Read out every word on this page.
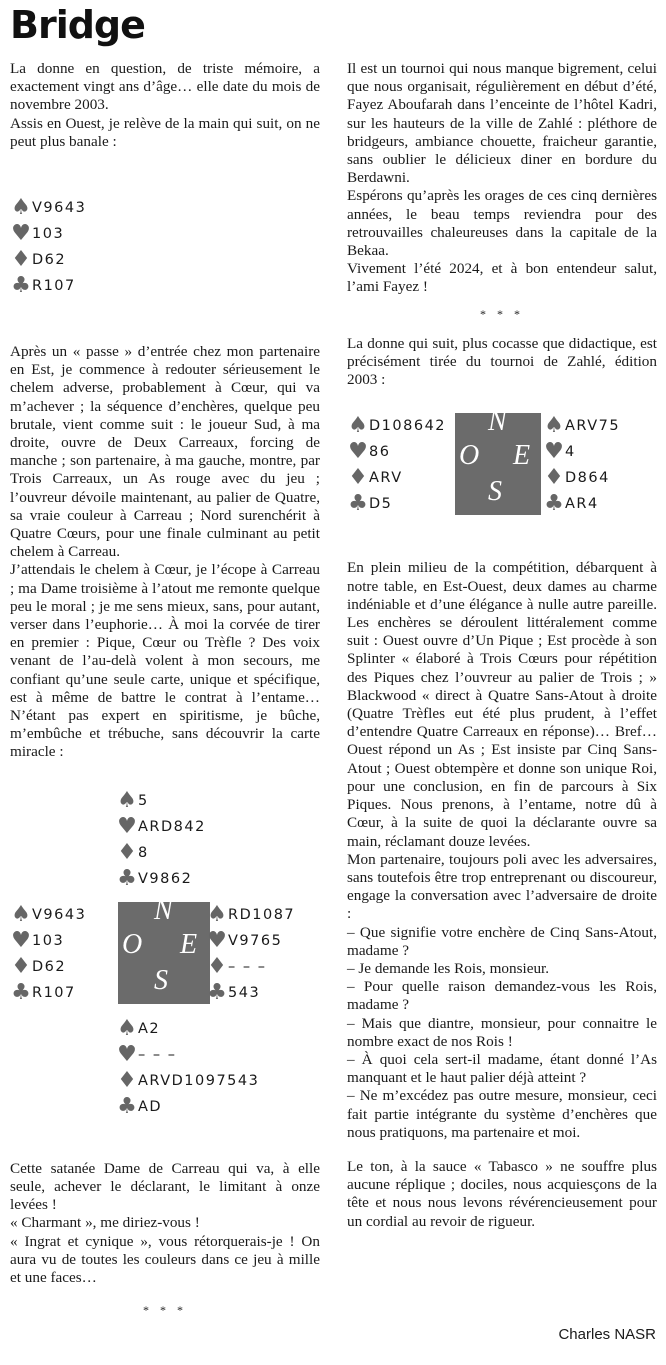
Bridge

La donne en question, de triste mémoire, a exactement vingt ans d’âge… elle date du mois de novembre 2003.

Assis en Ouest, je relève de la main qui suit, on ne peut plus banale :

♠ V9643
♥ 103
♦ D62
♣ R107

Après un « passe » d’entrée chez mon partenaire en Est, je commence à redouter sérieusement le chelem adverse, probablement à Cœur, qui va m’achever ; la séquence d’enchères, quelque peu brutale, vient comme suit : le joueur Sud, à ma droite, ouvre de Deux Carreaux, forcing de manche ; son partenaire, à ma gauche, montre, par Trois Carreaux, un As rouge avec du jeu ; l’ouvreur dévoile maintenant, au palier de Quatre, sa vraie couleur à Carreau ; Nord surenchérit à Quatre Cœurs, pour une finale culminant au petit chelem à Carreau.

J’attendais le chelem à Cœur, je l’écope à Carreau ; ma Dame troisième à l’atout me remonte quelque peu le moral ; je me sens mieux, sans, pour autant, verser dans l’euphorie… À moi la corvée de tirer en premier : Pique, Cœur ou Trèfle ? Des voix venant de l’au-delà volent à mon secours, me confiant qu’une seule carte, unique et spécifique, est à même de battre le contrat à l’entame… N’étant pas expert en spiritisme, je bûche, m’embûche et trébuche, sans découvrir la carte miracle :

♠ 5
♥ ARD842
♦ 8
♣ V9862
♠ V9643
♥ 103
♦ D62
♣ R107
N
O E
S
♠ RD1087
♥ V9765
♦ – – –
♣ 543
♠ A2
♥ – – –
♦ ARVD1097543
♣ AD

Cette satanée Dame de Carreau qui va, à elle seule, achever le déclarant, le limitant à onze levées !

« Charmant », me diriez-vous !

« Ingrat et cynique », vous rétorquerais-je ! On aura vu de toutes les couleurs dans ce jeu à mille et une faces…

* * *

Il est un tournoi qui nous manque bigrement, celui que nous organisait, régulièrement en début d’été, Fayez Aboufarah dans l’enceinte de l’hôtel Kadri, sur les hauteurs de la ville de Zahlé : pléthore de bridgeurs, ambiance chouette, fraicheur garantie, sans oublier le délicieux diner en bordure du Berdawni.

Espérons qu’après les orages de ces cinq dernières années, le beau temps reviendra pour des retrouvailles chaleureuses dans la capitale de la Bekaa.

Vivement l’été 2024, et à bon entendeur salut, l’ami Fayez !

* * *

La donne qui suit, plus cocasse que didactique, est précisément tirée du tournoi de Zahlé, édition 2003 :

♠ D108642
♥ 86
♦ ARV
♣ D5
N
O E
S
♠ ARV75
♥ 4
♦ D864
♣ AR4

En plein milieu de la compétition, débarquent à notre table, en Est-Ouest, deux dames au charme indéniable et d’une élégance à nulle autre pareille. Les enchères se déroulent littéralement comme suit : Ouest ouvre d’Un Pique ; Est procède à son Splinter « élaboré à Trois Cœurs pour répétition des Piques chez l’ouvreur au palier de Trois ; » Blackwood « direct à Quatre Sans-Atout à droite (Quatre Trèfles eut été plus prudent, à l’effet d’entendre Quatre Carreaux en réponse)… Bref… Ouest répond un As ; Est insiste par Cinq Sans-Atout ; Ouest obtempère et donne son unique Roi, pour une conclusion, en fin de parcours à Six Piques. Nous prenons, à l’entame, notre dû à Cœur, à la suite de quoi la déclarante ouvre sa main, réclamant douze levées.

Mon partenaire, toujours poli avec les adversaires, sans toutefois être trop entreprenant ou discoureur, engage la conversation avec l’adversaire de droite :

– Que signifie votre enchère de Cinq Sans-Atout, madame ?

– Je demande les Rois, monsieur.

– Pour quelle raison demandez-vous les Rois, madame ?

– Mais que diantre, monsieur, pour connaitre le nombre exact de nos Rois !

– À quoi cela sert-il madame, étant donné l’As manquant et le haut palier déjà atteint ?

– Ne m’excédez pas outre mesure, monsieur, ceci fait partie intégrante du système d’enchères que nous pratiquons, ma partenaire et moi.

Le ton, à la sauce « Tabasco » ne souffre plus aucune réplique ; dociles, nous acquiesçons de la tête et nous nous levons révérencieusement pour un cordial au revoir de rigueur.

Charles NASR
